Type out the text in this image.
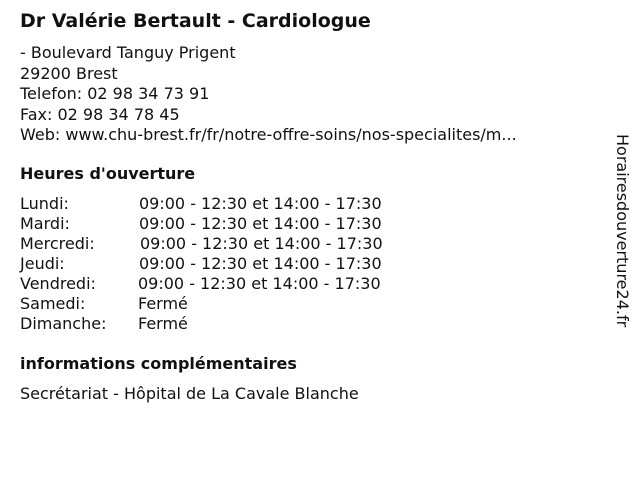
Dr Valérie Bertault - Cardiologue
- Boulevard Tanguy Prigent
29200 Brest
Telefon: 02 98 34 73 91
Fax: 02 98 34 78 45
Web: www.chu-brest.fr/fr/notre-offre-soins/nos-specialites/m...
Heures d'ouverture
Lundi:	09:00 - 12:30 et 14:00 - 17:30
Mardi:	09:00 - 12:30 et 14:00 - 17:30
Mercredi:	09:00 - 12:30 et 14:00 - 17:30
Jeudi:	09:00 - 12:30 et 14:00 - 17:30
Vendredi:	09:00 - 12:30 et 14:00 - 17:30
Samedi:	Fermé
Dimanche: Fermé
informations complémentaires
Secrétariat - Hôpital de La Cavale Blanche
Horairesdouverture24.fr
